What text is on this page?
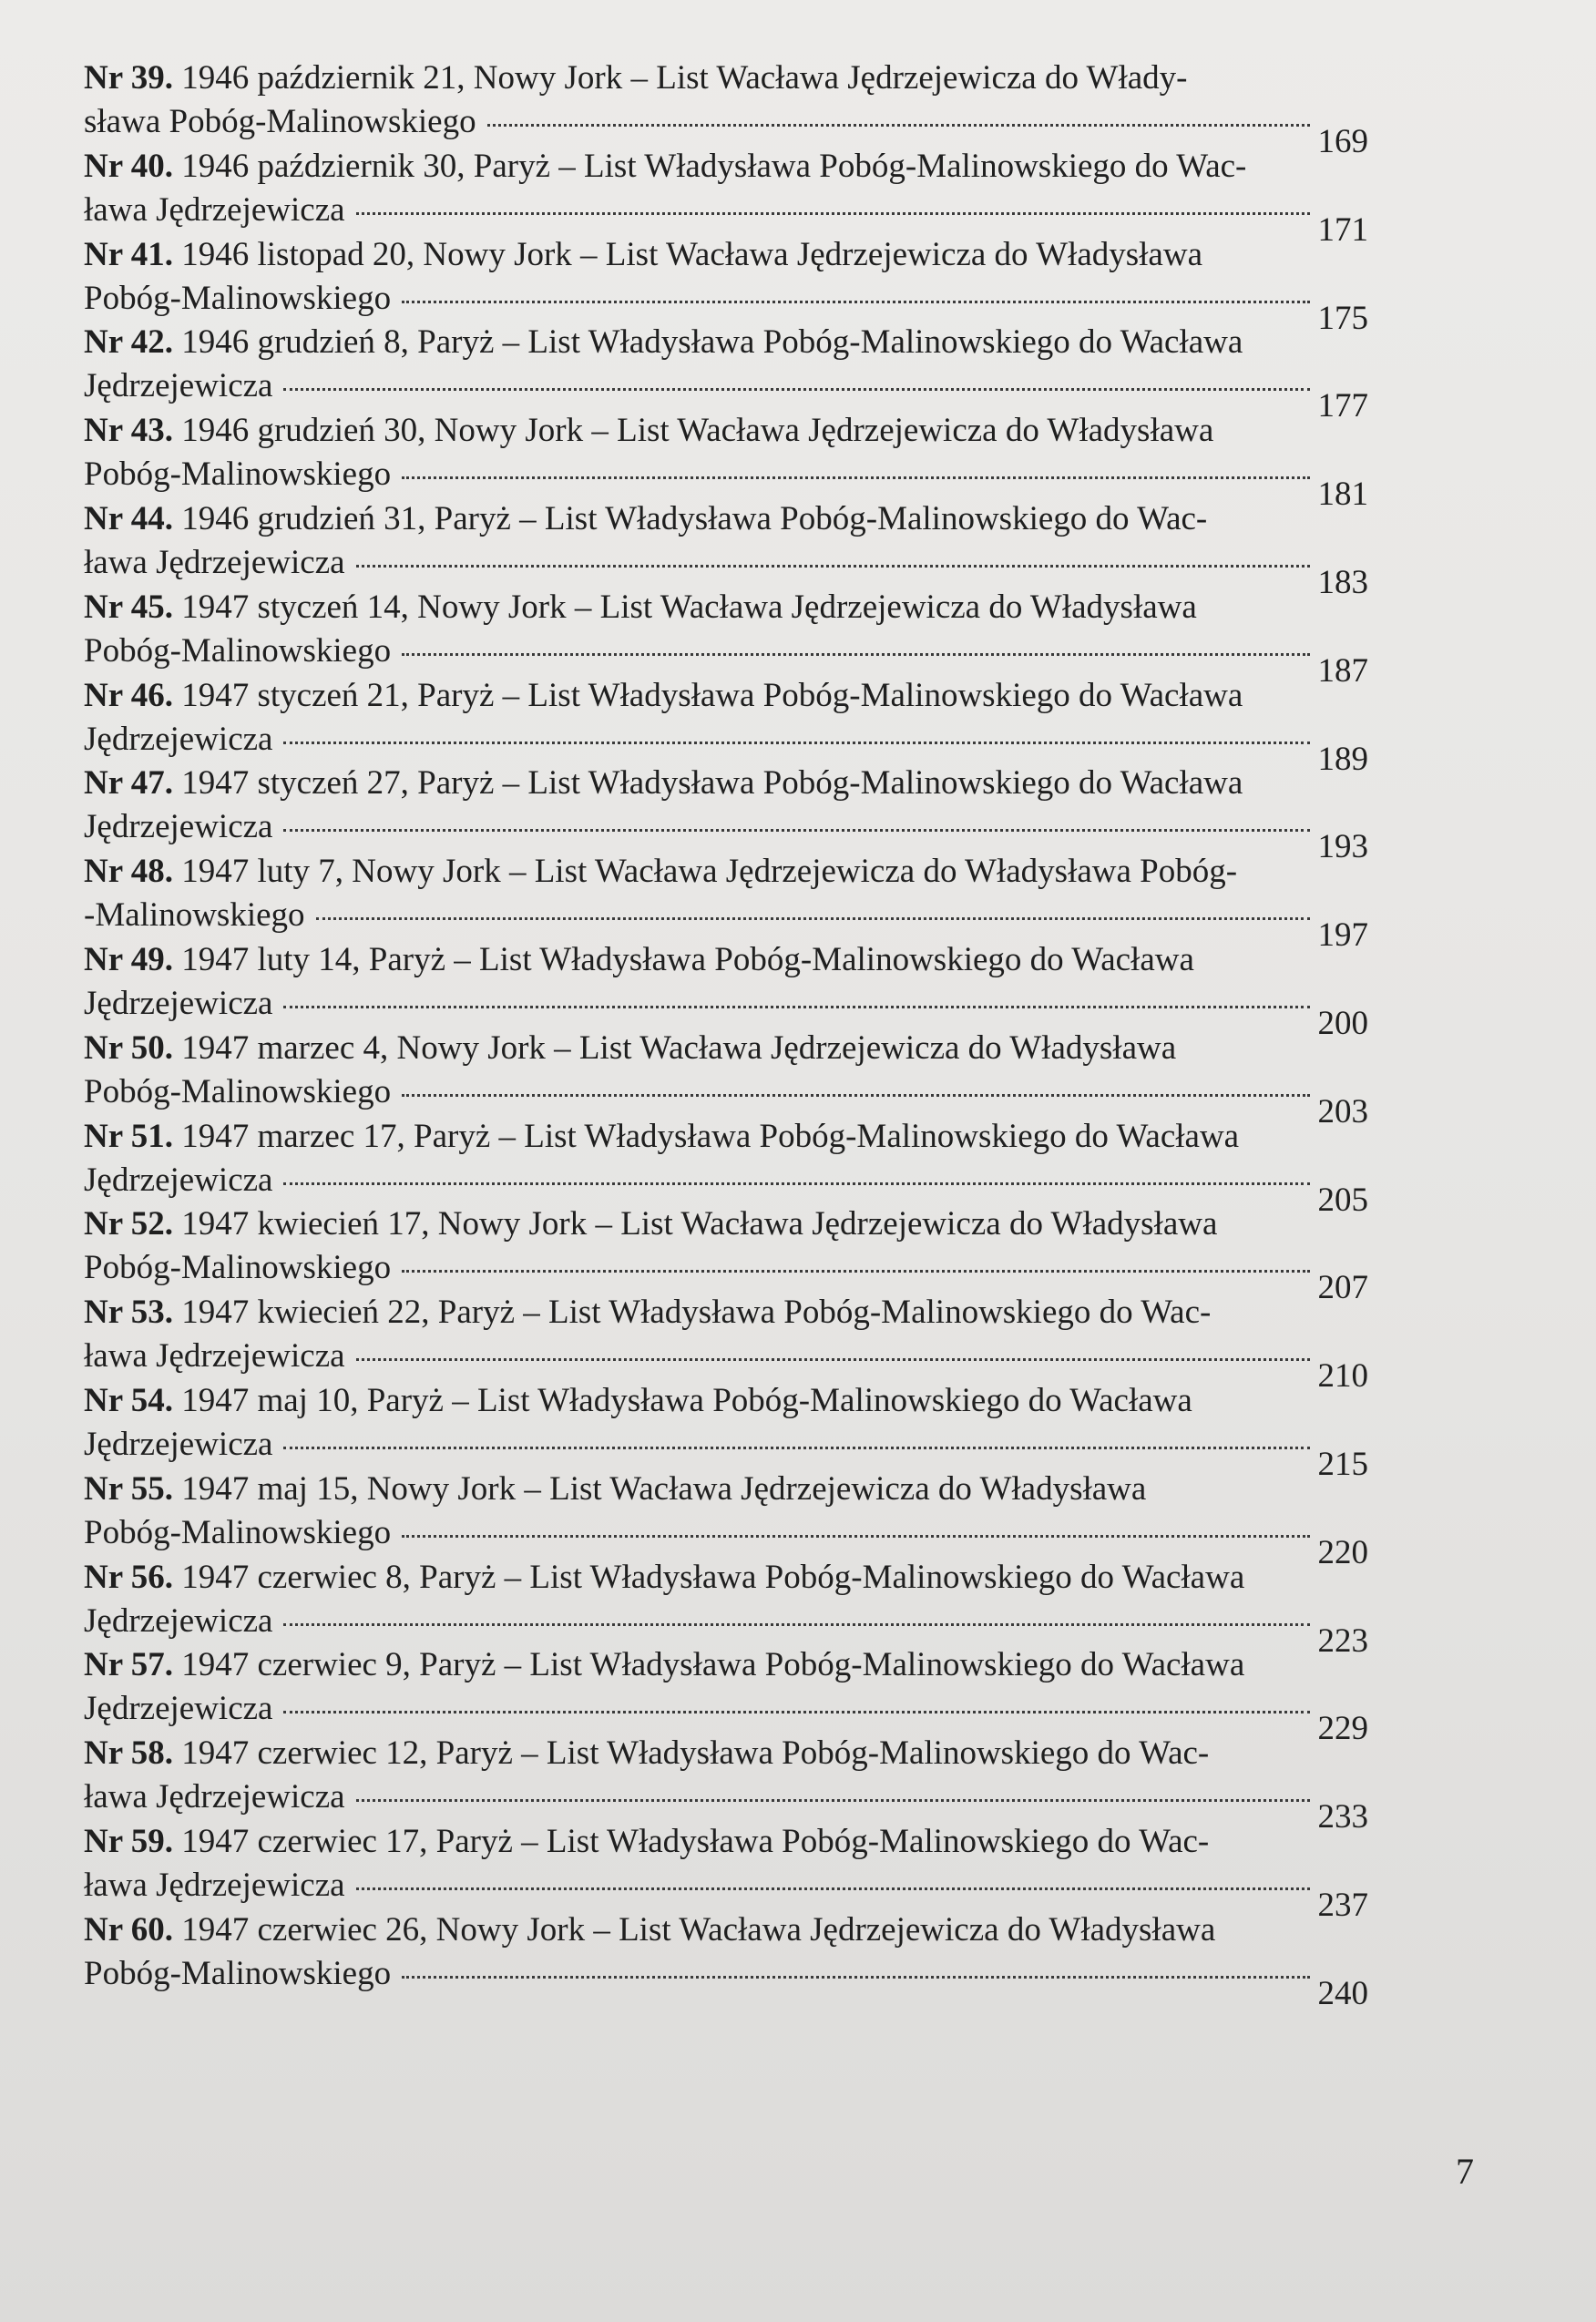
Nr 39. 1946 październik 21, Nowy Jork – List Wacława Jędrzejewicza do Włady-
sława Pobóg-Malinowskiego
169
Nr 40. 1946 październik 30, Paryż – List Władysława Pobóg-Malinowskiego do Wac-
ława Jędrzejewicza
171
Nr 41. 1946 listopad 20, Nowy Jork – List Wacława Jędrzejewicza do Władysława
Pobóg-Malinowskiego
175
Nr 42. 1946 grudzień 8, Paryż – List Władysława Pobóg-Malinowskiego do Wacława
Jędrzejewicza
177
Nr 43. 1946 grudzień 30, Nowy Jork – List Wacława Jędrzejewicza do Władysława
Pobóg-Malinowskiego
181
Nr 44. 1946 grudzień 31, Paryż – List Władysława Pobóg-Malinowskiego do Wac-
ława Jędrzejewicza
183
Nr 45. 1947 styczeń 14, Nowy Jork – List Wacława Jędrzejewicza do Władysława
Pobóg-Malinowskiego
187
Nr 46. 1947 styczeń 21, Paryż – List Władysława Pobóg-Malinowskiego do Wacława
Jędrzejewicza
189
Nr 47. 1947 styczeń 27, Paryż – List Władysława Pobóg-Malinowskiego do Wacława
Jędrzejewicza
193
Nr 48. 1947 luty 7, Nowy Jork – List Wacława Jędrzejewicza do Władysława Pobóg-
-Malinowskiego
197
Nr 49. 1947 luty 14, Paryż – List Władysława Pobóg-Malinowskiego do Wacława
Jędrzejewicza
200
Nr 50. 1947 marzec 4, Nowy Jork – List Wacława Jędrzejewicza do Władysława
Pobóg-Malinowskiego
203
Nr 51. 1947 marzec 17, Paryż – List Władysława Pobóg-Malinowskiego do Wacława
Jędrzejewicza
205
Nr 52. 1947 kwiecień 17, Nowy Jork – List Wacława Jędrzejewicza do Władysława
Pobóg-Malinowskiego
207
Nr 53. 1947 kwiecień 22, Paryż – List Władysława Pobóg-Malinowskiego do Wac-
ława Jędrzejewicza
210
Nr 54. 1947 maj 10, Paryż – List Władysława Pobóg-Malinowskiego do Wacława
Jędrzejewicza
215
Nr 55. 1947 maj 15, Nowy Jork – List Wacława Jędrzejewicza do Władysława
Pobóg-Malinowskiego
220
Nr 56. 1947 czerwiec 8, Paryż – List Władysława Pobóg-Malinowskiego do Wacława
Jędrzejewicza
223
Nr 57. 1947 czerwiec 9, Paryż – List Władysława Pobóg-Malinowskiego do Wacława
Jędrzejewicza
229
Nr 58. 1947 czerwiec 12, Paryż – List Władysława Pobóg-Malinowskiego do Wac-
ława Jędrzejewicza
233
Nr 59. 1947 czerwiec 17, Paryż – List Władysława Pobóg-Malinowskiego do Wac-
ława Jędrzejewicza
237
Nr 60. 1947 czerwiec 26, Nowy Jork – List Wacława Jędrzejewicza do Władysława
Pobóg-Malinowskiego
240
7
